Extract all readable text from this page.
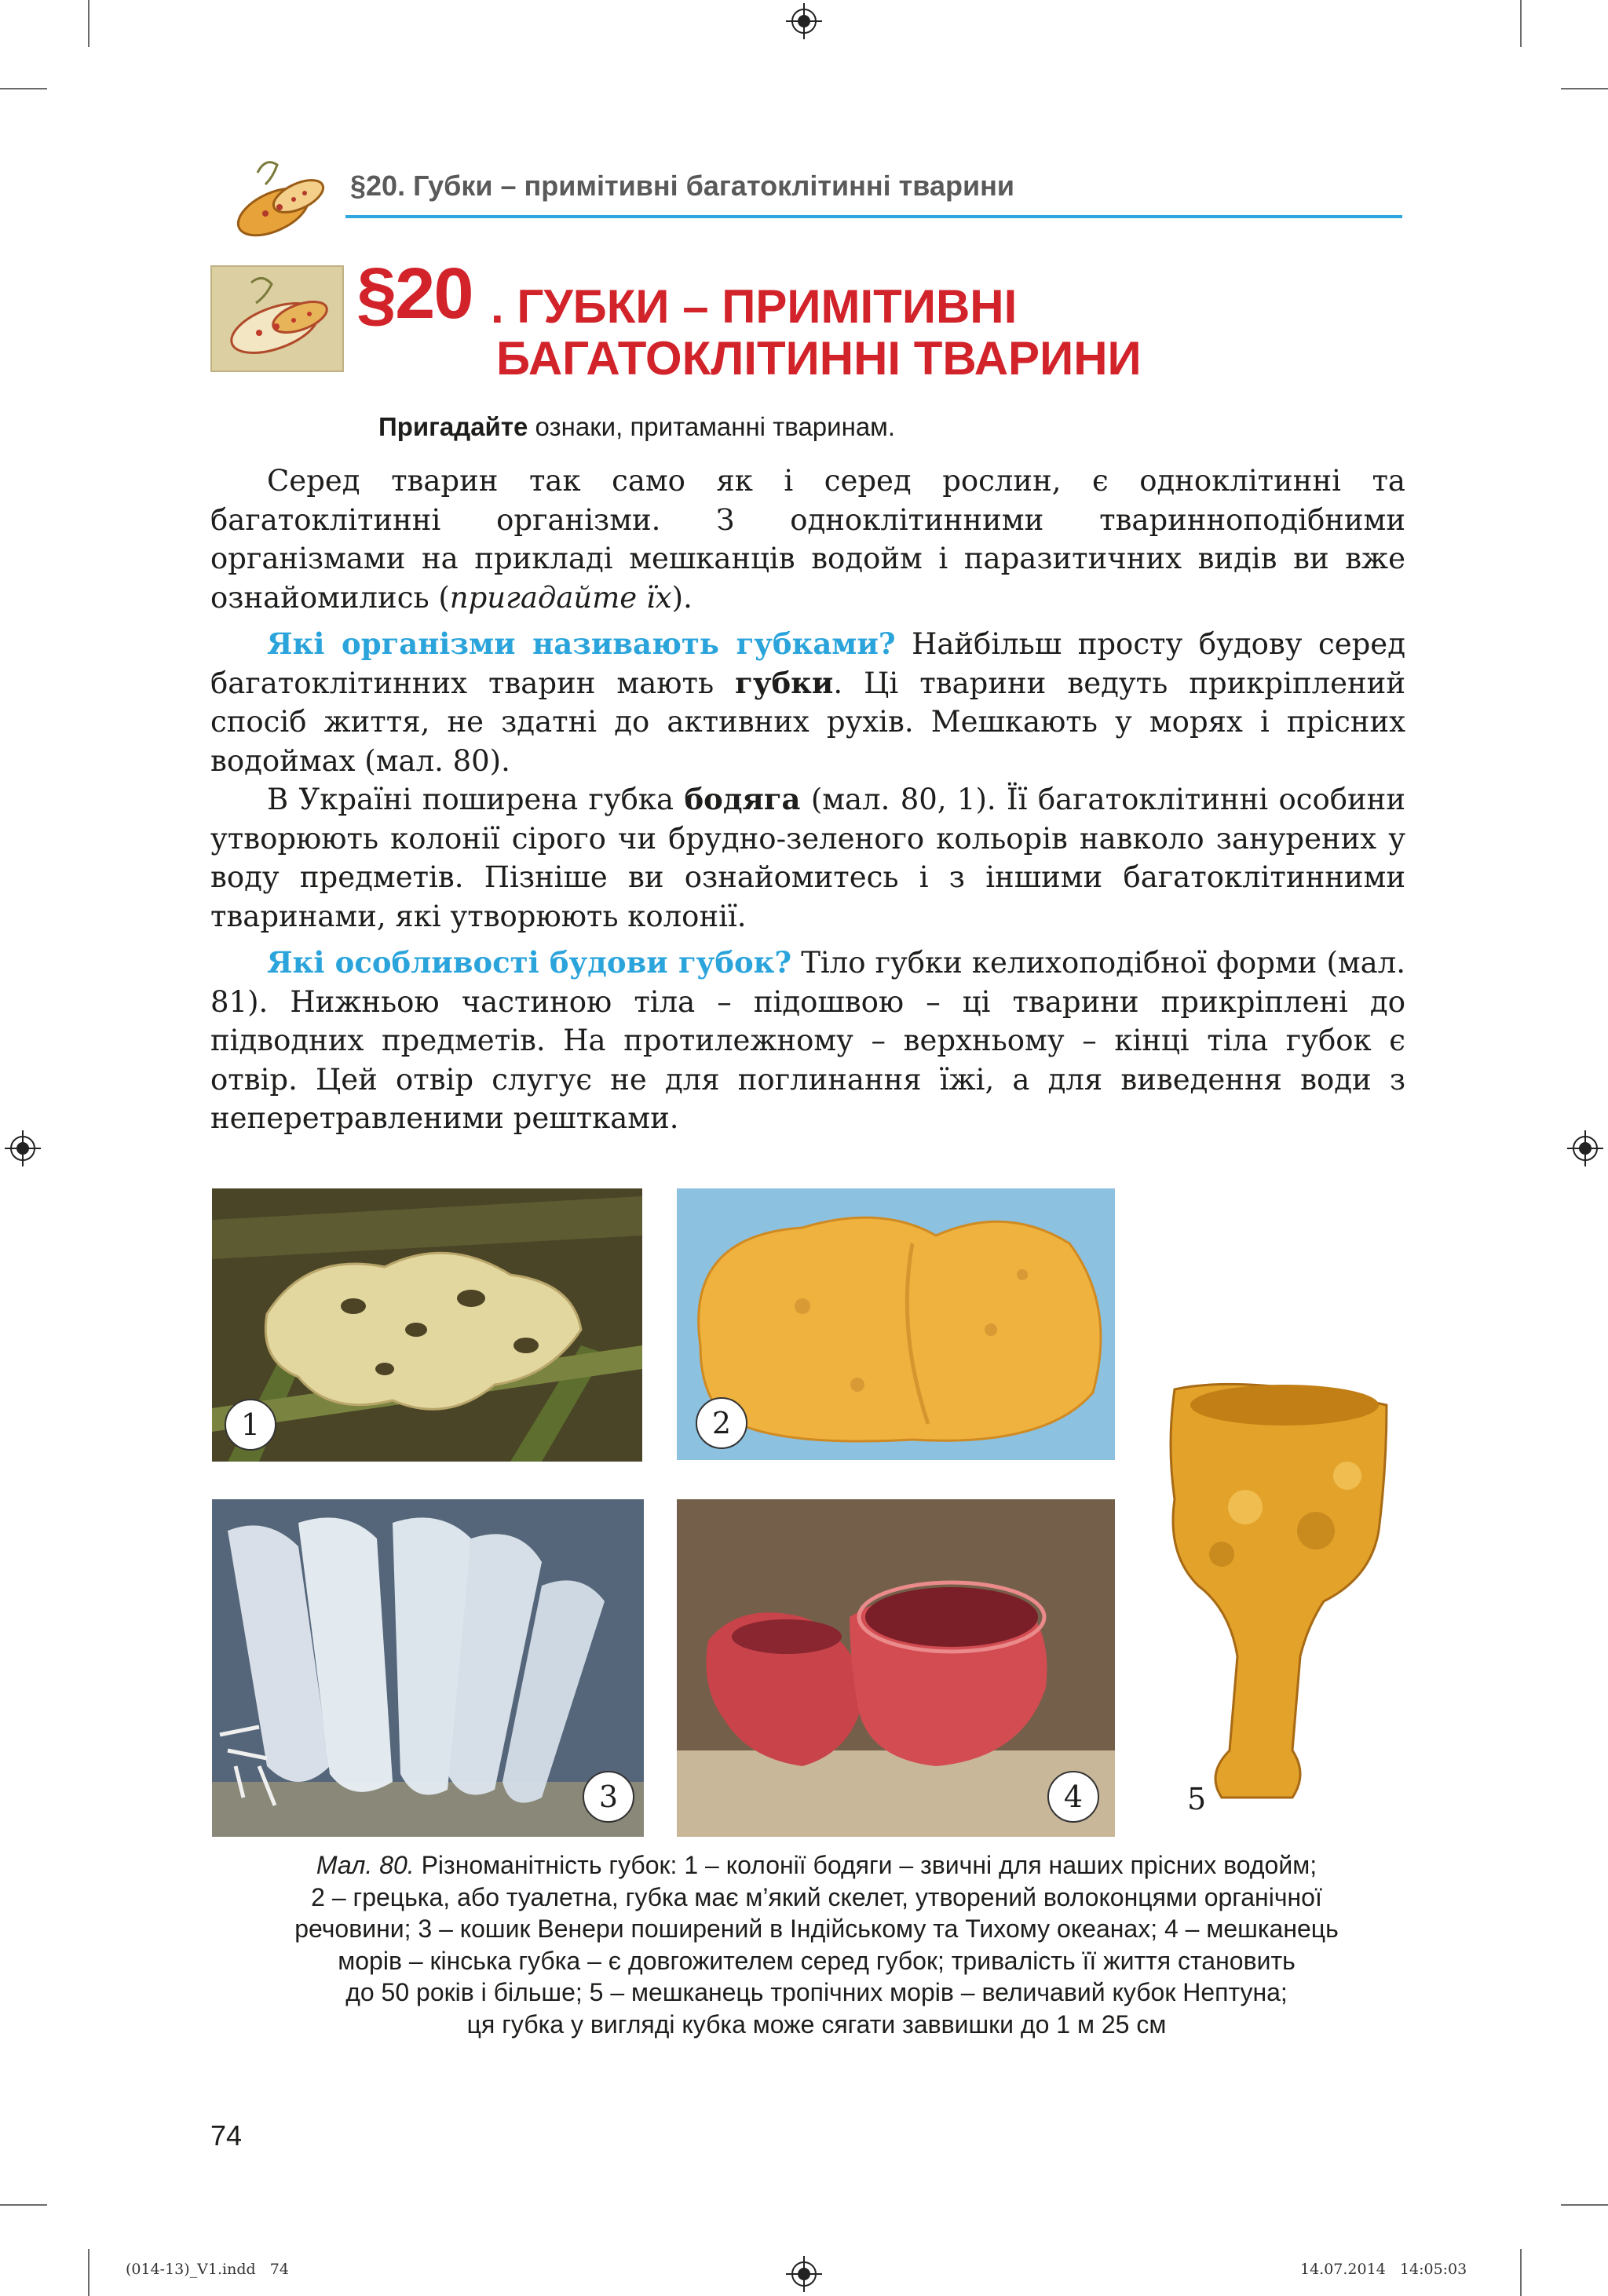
§20. Губки – примітивні багатоклітинні тварини
§20 . ГУБКИ – ПРИМІТИВНІ
БАГАТОКЛІТИННІ ТВАРИНИ
Пригадайте ознаки, притаманні тваринам.

Серед тварин так само як і серед рослин, є одноклітинні та багатоклітинні організми. З одноклітинними тваринноподібними організмами на прикладі мешканців водойм і паразитичних видів ви вже ознайомились (пригадайте їх).

Які організми називають губками? Найбільш просту будову серед багатоклітинних тварин мають губки. Ці тварини ведуть прикріплений спосіб життя, не здатні до активних рухів. Мешкають у морях і прісних водоймах (мал. 80).

В Україні поширена губка бодяга (мал. 80, 1). Її багатоклітинні особини утворюють колонії сірого чи брудно-зеленого кольорів навколо занурених у воду предметів. Пізніше ви ознайомитесь і з іншими багатоклітинними тваринами, які утворюють колонії.

Які особливості будови губок? Тіло губки келихоподібної форми (мал. 81). Нижньою частиною тіла – підошвою – ці тварини прикріплені до підводних предметів. На протилежному – верхньому – кінці тіла губок є отвір. Цей отвір слугує не для поглинання їжі, а для виведення води з неперетравленими рештками.

1	2
3	4	5
Мал. 80. Різноманітність губок: 1 – колонії бодяги – звичні для наших прісних водойм;
2 – грецька, або туалетна, губка має м’який скелет, утворений волоконцями органічної
речовини; 3 – кошик Венери поширений в Індійському та Тихому океанах; 4 – мешканець
морів – кінська губка – є довгожителем серед губок; тривалість її життя становить
до 50 років і більше; 5 – мешканець тропічних морів – величавий кубок Нептуна;
ця губка у вигляді кубка може сягати заввишки до 1 м 25 см
74
(014-13)_V1.indd   74	14.07.2014   14:05:03
